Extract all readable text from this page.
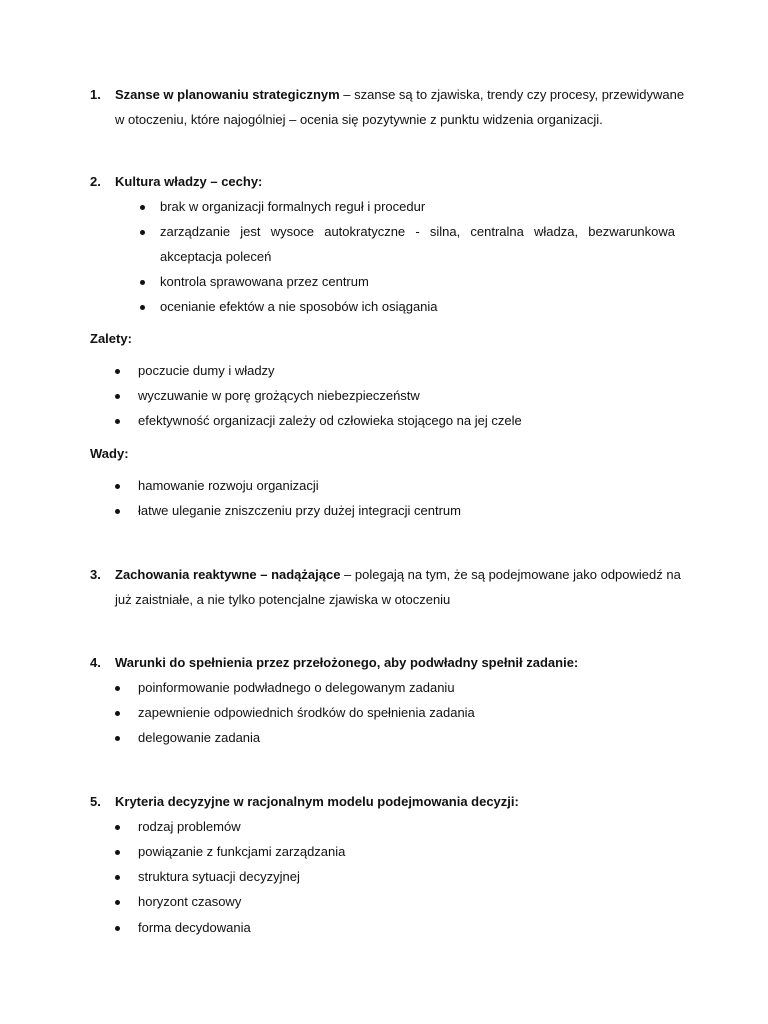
1. Szanse w planowaniu strategicznym – szanse są to zjawiska, trendy czy procesy, przewidywane
w otoczeniu, które najogólniej – ocenia się pozytywnie z punktu widzenia organizacji.
2. Kultura władzy – cechy:
brak w organizacji formalnych reguł i procedur
zarządzanie jest wysoce autokratyczne - silna, centralna władza, bezwarunkowa
akceptacja poleceń
kontrola sprawowana przez centrum
ocenianie efektów a nie sposobów ich osiągania
Zalety:
poczucie dumy i władzy
wyczuwanie w porę grożących niebezpieczeństw
efektywność organizacji zależy od człowieka stojącego na jej czele
Wady:
hamowanie rozwoju organizacji
łatwe uleganie zniszczeniu przy dużej integracji centrum
3. Zachowania reaktywne – nadążające – polegają na tym, że są podejmowane jako odpowiedź na
już zaistniałe, a nie tylko potencjalne zjawiska w otoczeniu
4. Warunki do spełnienia przez przełożonego, aby podwładny spełnił zadanie:
poinformowanie podwładnego o delegowanym zadaniu
zapewnienie odpowiednich środków do spełnienia zadania
delegowanie zadania
5. Kryteria decyzyjne w racjonalnym modelu podejmowania decyzji:
rodzaj problemów
powiązanie z funkcjami zarządzania
struktura sytuacji decyzyjnej
horyzont czasowy
forma decydowania
